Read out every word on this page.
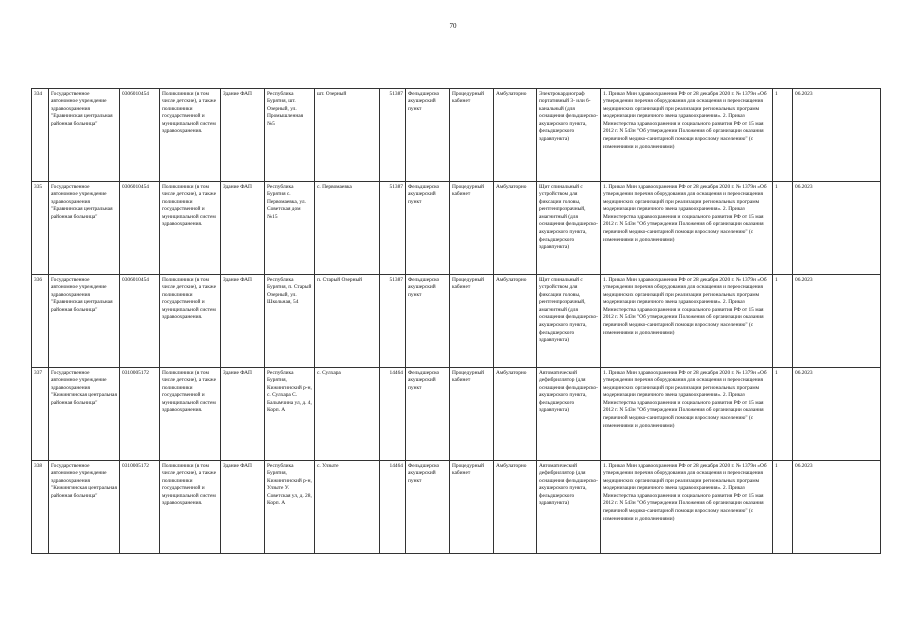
70
334	Государственное автономное учреждение здравоохранения "Еравнинская центральная районная больница"	0306010454	Поликлиники (в том числе детские), а также поликлиники государственной и муниципальной систем здравоохранения.	Здание ФАП	Республика Бурятия, шт. Озерный, ул. Промышленная №5	шт. Озерный	51387	Фельдшерско акушерский пункт	Процедурный кабинет	Амбулаторно	Электрокардиограф портативный 3- или 6- канальный (для оснащения фельдшерско-акушерского пункта, фельдшерского здравпункта)	1. Приказ Мин здравоохранения РФ от 28 декабря 2020 г. № 1379н «Об утверждении перечня оборудования для оснащения и переоснащения медицинских организаций при реализации региональных программ модернизации первичного звена здравоохранения». 2. Приказ Министерства здравоохранения и социального развития РФ от 15 мая 2012 г. N 543н "Об утверждении Положения об организации оказания первичной медико-санитарной помощи взрослому населению" (с изменениями и дополнениями)	1	06.2023
335	Государственное автономное учреждение здравоохранения "Еравнинская центральная районная больница"	0306010454	Поликлиники (в том числе детские), а также поликлиники государственной и муниципальной систем здравоохранения.	Здание ФАП	Республика Бурятия с. Первомаевка, ул. Советская дом №15	с. Первомаевка	51387	Фельдшерско акушерский пункт	Процедурный кабинет	Амбулаторно	Щит спинальный с устройством для фиксации головы, рентгенпрозрачный, амагнитный (для оснащения фельдшерско-акушерского пункта, фельдшерского здравпункта)	1. Приказ Мин здравоохранения РФ от 28 декабря 2020 г. № 1379н «Об утверждении перечня оборудования для оснащения и переоснащения медицинских организаций при реализации региональных программ модернизации первичного звена здравоохранения». 2. Приказ Министерства здравоохранения и социального развития РФ от 15 мая 2012 г. N 543н "Об утверждении Положения об организации оказания первичной медико-санитарной помощи взрослому населению" (с изменениями и дополнениями)	1	06.2023
336	Государственное автономное учреждение здравоохранения "Еравнинская центральная районная больница"	0306010454	Поликлиники (в том числе детские), а также поликлиники государственной и муниципальной систем здравоохранения.	Здание ФАП	Республика Бурятия, п. Старый Озерный, ул. Школьная, 54	п. Старый Озерный	51387	Фельдшерско акушерский пункт	Процедурный кабинет	Амбулаторно	Щит спинальный с устройством для фиксации головы, рентгенпрозрачный, амагнитный (для оснащения фельдшерско-акушерского пункта, фельдшерского здравпункта)	1. Приказ Мин здравоохранения РФ от 28 декабря 2020 г. № 1379н «Об утверждении перечня оборудования для оснащения и переоснащения медицинских организаций при реализации региональных программ модернизации первичного звена здравоохранения». 2. Приказ Министерства здравоохранения и социального развития РФ от 15 мая 2012 г. N 543н "Об утверждении Положения об организации оказания первичной медико-санитарной помощи взрослому населению" (с изменениями и дополнениями)	1	06.2023
337	Государственное автономное учреждение здравоохранения "Кижингинская центральная районная больница"	0310005172	Поликлиники (в том числе детские), а также поликлиники государственной и муниципальной систем здравоохранения.	Здание ФАП	Республика Бурятия, Кижингинский р-н, с. Сулхара С. Балымчина ул, д. 4, Корп. А	с. Сулхара	14464	Фельдшерско акушерский пункт	Процедурный кабинет	Амбулаторно	Автоматический дефибриллятор (для оснащения фельдшерско-акушерского пункта, фельдшерского здравпункта)	1. Приказ Мин здравоохранения РФ от 28 декабря 2020 г. № 1379н «Об утверждении перечня оборудования для оснащения и переоснащения медицинских организаций при реализации региональных программ модернизации первичного звена здравоохранения». 2. Приказ Министерства здравоохранения и социального развития РФ от 15 мая 2012 г. N 543н "Об утверждении Положения об организации оказания первичной медико-санитарной помощи взрослому населению" (с изменениями и дополнениями)	1	06.2023
338	Государственное автономное учреждение здравоохранения "Кижингинская центральная районная больница"	0310005172	Поликлиники (в том числе детские), а также поликлиники государственной и муниципальной систем здравоохранения.	Здание ФАП	Республика Бурятия, Кижингинский р-н, Улзыте У. Советская ул, д. 28, Корп. А	с. Улзыте	14464	Фельдшерско акушерский пункт	Процедурный кабинет	Амбулаторно	Автоматический дефибриллятор (для оснащения фельдшерско-акушерского пункта, фельдшерского здравпункта)	1. Приказ Мин здравоохранения РФ от 28 декабря 2020 г. № 1379н «Об утверждении перечня оборудования для оснащения и переоснащения медицинских организаций при реализации региональных программ модернизации первичного звена здравоохранения». 2. Приказ Министерства здравоохранения и социального развития РФ от 15 мая 2012 г. N 543н "Об утверждении Положения об организации оказания первичной медико-санитарной помощи взрослому населению" (с изменениями и дополнениями)	1	06.2023
